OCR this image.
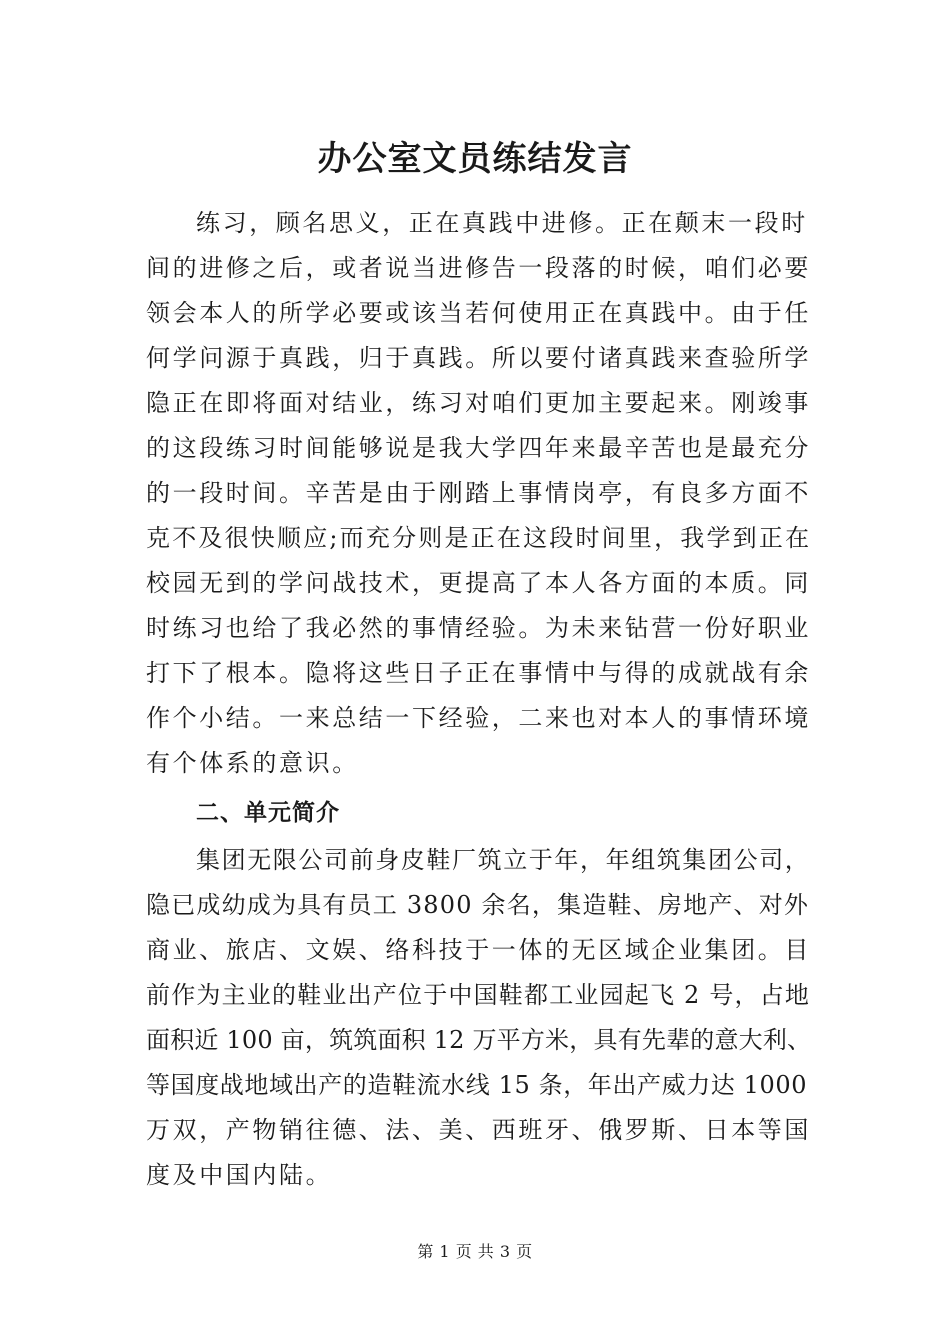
办公室文员练结发言

练习，顾名思义，正在真践中进修。正在颠末一段时

间的进修之后，或者说当进修告一段落的时候，咱们必要

领会本人的所学必要或该当若何使用正在真践中。由于任

何学问源于真践，归于真践。所以要付诸真践来查验所学

隐正在即将面对结业，练习对咱们更加主要起来。刚竣事

的这段练习时间能够说是我大学四年来最辛苦也是最充分

的一段时间。辛苦是由于刚踏上事情岗亭，有良多方面不

克不及很快顺应;而充分则是正在这段时间里，我学到正在

校园无到的学问战技术，更提高了本人各方面的本质。同

时练习也给了我必然的事情经验。为未来钻营一份好职业

打下了根本。隐将这些日子正在事情中与得的成就战有余

作个小结。一来总结一下经验，二来也对本人的事情环境

有个体系的意识。

二、单元简介

集团无限公司前身皮鞋厂筑立于年，年组筑集团公司，

隐已成幼成为具有员工 3800 余名，集造鞋、房地产、对外

商业、旅店、文娱、络科技于一体的无区域企业集团。目

前作为主业的鞋业出产位于中国鞋都工业园起飞 2 号，占地

面积近 100 亩，筑筑面积 12 万平方米，具有先辈的意大利、

等国度战地域出产的造鞋流水线 15 条，年出产威力达 1000

万双，产物销往德、法、美、西班牙、俄罗斯、日本等国

度及中国内陆。

第 1 页 共 3 页
